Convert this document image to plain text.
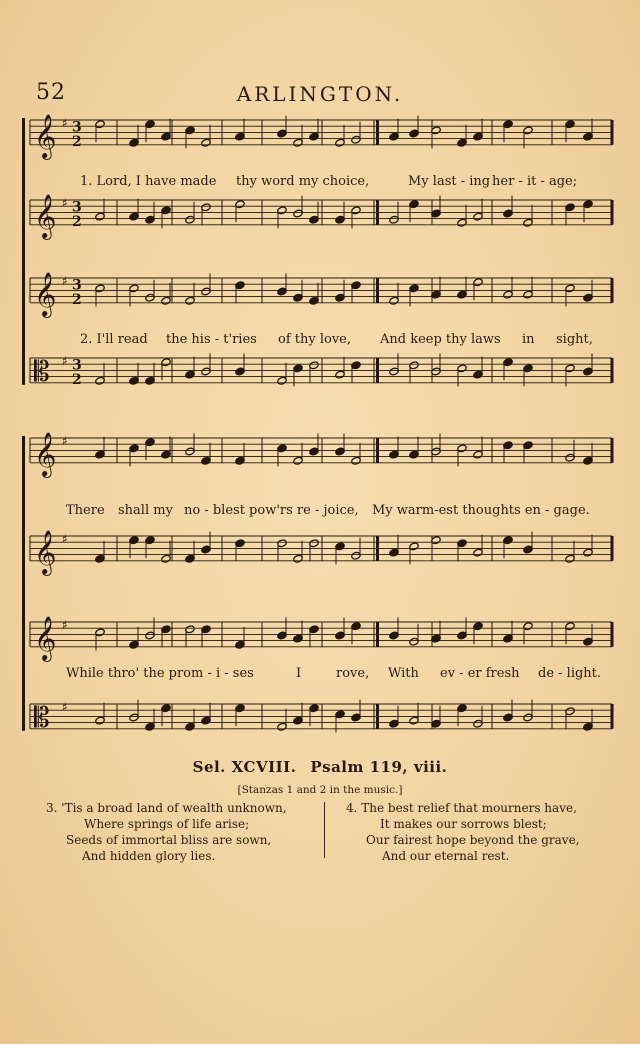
52	ARLINGTON.
𝄞 ♯ 3
2
𝄞 ♯ 3
2
𝄞 ♯ 3
2
𝄡 ♯ 3
2
1. Lord, I have made thy word my choice,	My last - ing her - it - age;
2. I'll read the his - t'ries of thy love, And keep thy laws in sight,
𝄞 ♯
𝄞 ♯
𝄞 ♯
𝄡 ♯
There shall my no - blest pow'rs re - joice, My warm-est thoughts en - gage.
While thro' the prom - i - ses	I	rove, With ev - er fresh de - light.
Sel. XCVIII. Psalm 119, viii.
[Stanzas 1 and 2 in the music.]
3. 'Tis a broad land of wealth unknown,
Where springs of life arise;
Seeds of immortal bliss are sown,
And hidden glory lies.
4. The best relief that mourners have,
It makes our sorrows blest;
Our fairest hope beyond the grave,
And our eternal rest.
